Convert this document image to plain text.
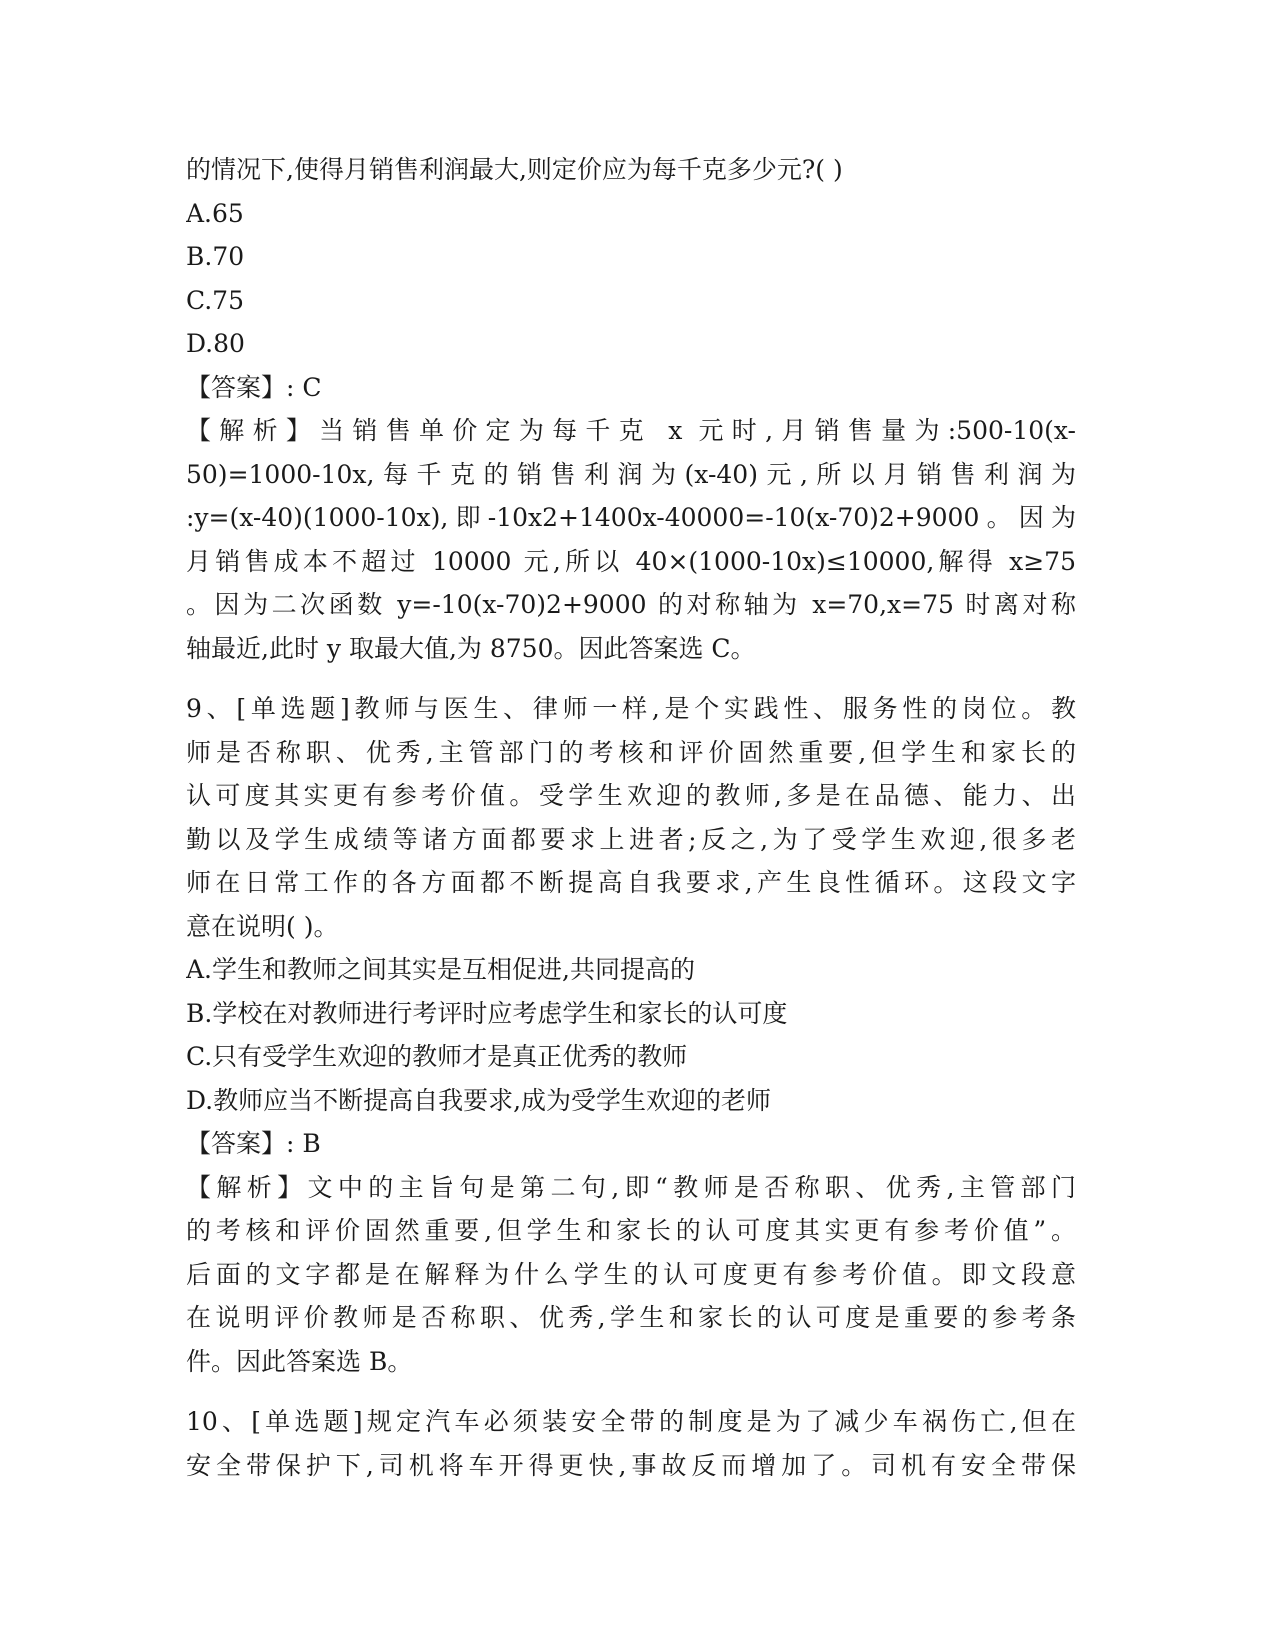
的情况下,使得月销售利润最大,则定价应为每千克多少元?( )
A.65
B.70
C.75
D.80
【答案】: C
【解析】当销售单价定为每千克 x 元时,月销售量为:500-10(x-
50)=1000-10x,每千克的销售利润为(x-40)元,所以月销售利润为
:y=(x-40)(1000-10x),即-10x2+1400x-40000=-10(x-70)2+9000。因为
月销售成本不超过 10000 元,所以 40×(1000-10x)≤10000,解得 x≥75
。因为二次函数 y=-10(x-70)2+9000 的对称轴为 x=70,x=75 时离对称
轴最近,此时 y 取最大值,为 8750。因此答案选 C。
9、[单选题]教师与医生、律师一样,是个实践性、服务性的岗位。教
师是否称职、优秀,主管部门的考核和评价固然重要,但学生和家长的
认可度其实更有参考价值。受学生欢迎的教师,多是在品德、能力、出
勤以及学生成绩等诸方面都要求上进者;反之,为了受学生欢迎,很多老
师在日常工作的各方面都不断提高自我要求,产生良性循环。这段文字
意在说明( )。
A.学生和教师之间其实是互相促进,共同提高的
B.学校在对教师进行考评时应考虑学生和家长的认可度
C.只有受学生欢迎的教师才是真正优秀的教师
D.教师应当不断提高自我要求,成为受学生欢迎的老师
【答案】: B
【解析】文中的主旨句是第二句,即“教师是否称职、优秀,主管部门
的考核和评价固然重要,但学生和家长的认可度其实更有参考价值”。
后面的文字都是在解释为什么学生的认可度更有参考价值。即文段意
在说明评价教师是否称职、优秀,学生和家长的认可度是重要的参考条
件。因此答案选 B。
10、[单选题]规定汽车必须装安全带的制度是为了减少车祸伤亡,但在
安全带保护下,司机将车开得更快,事故反而增加了。司机有安全带保
